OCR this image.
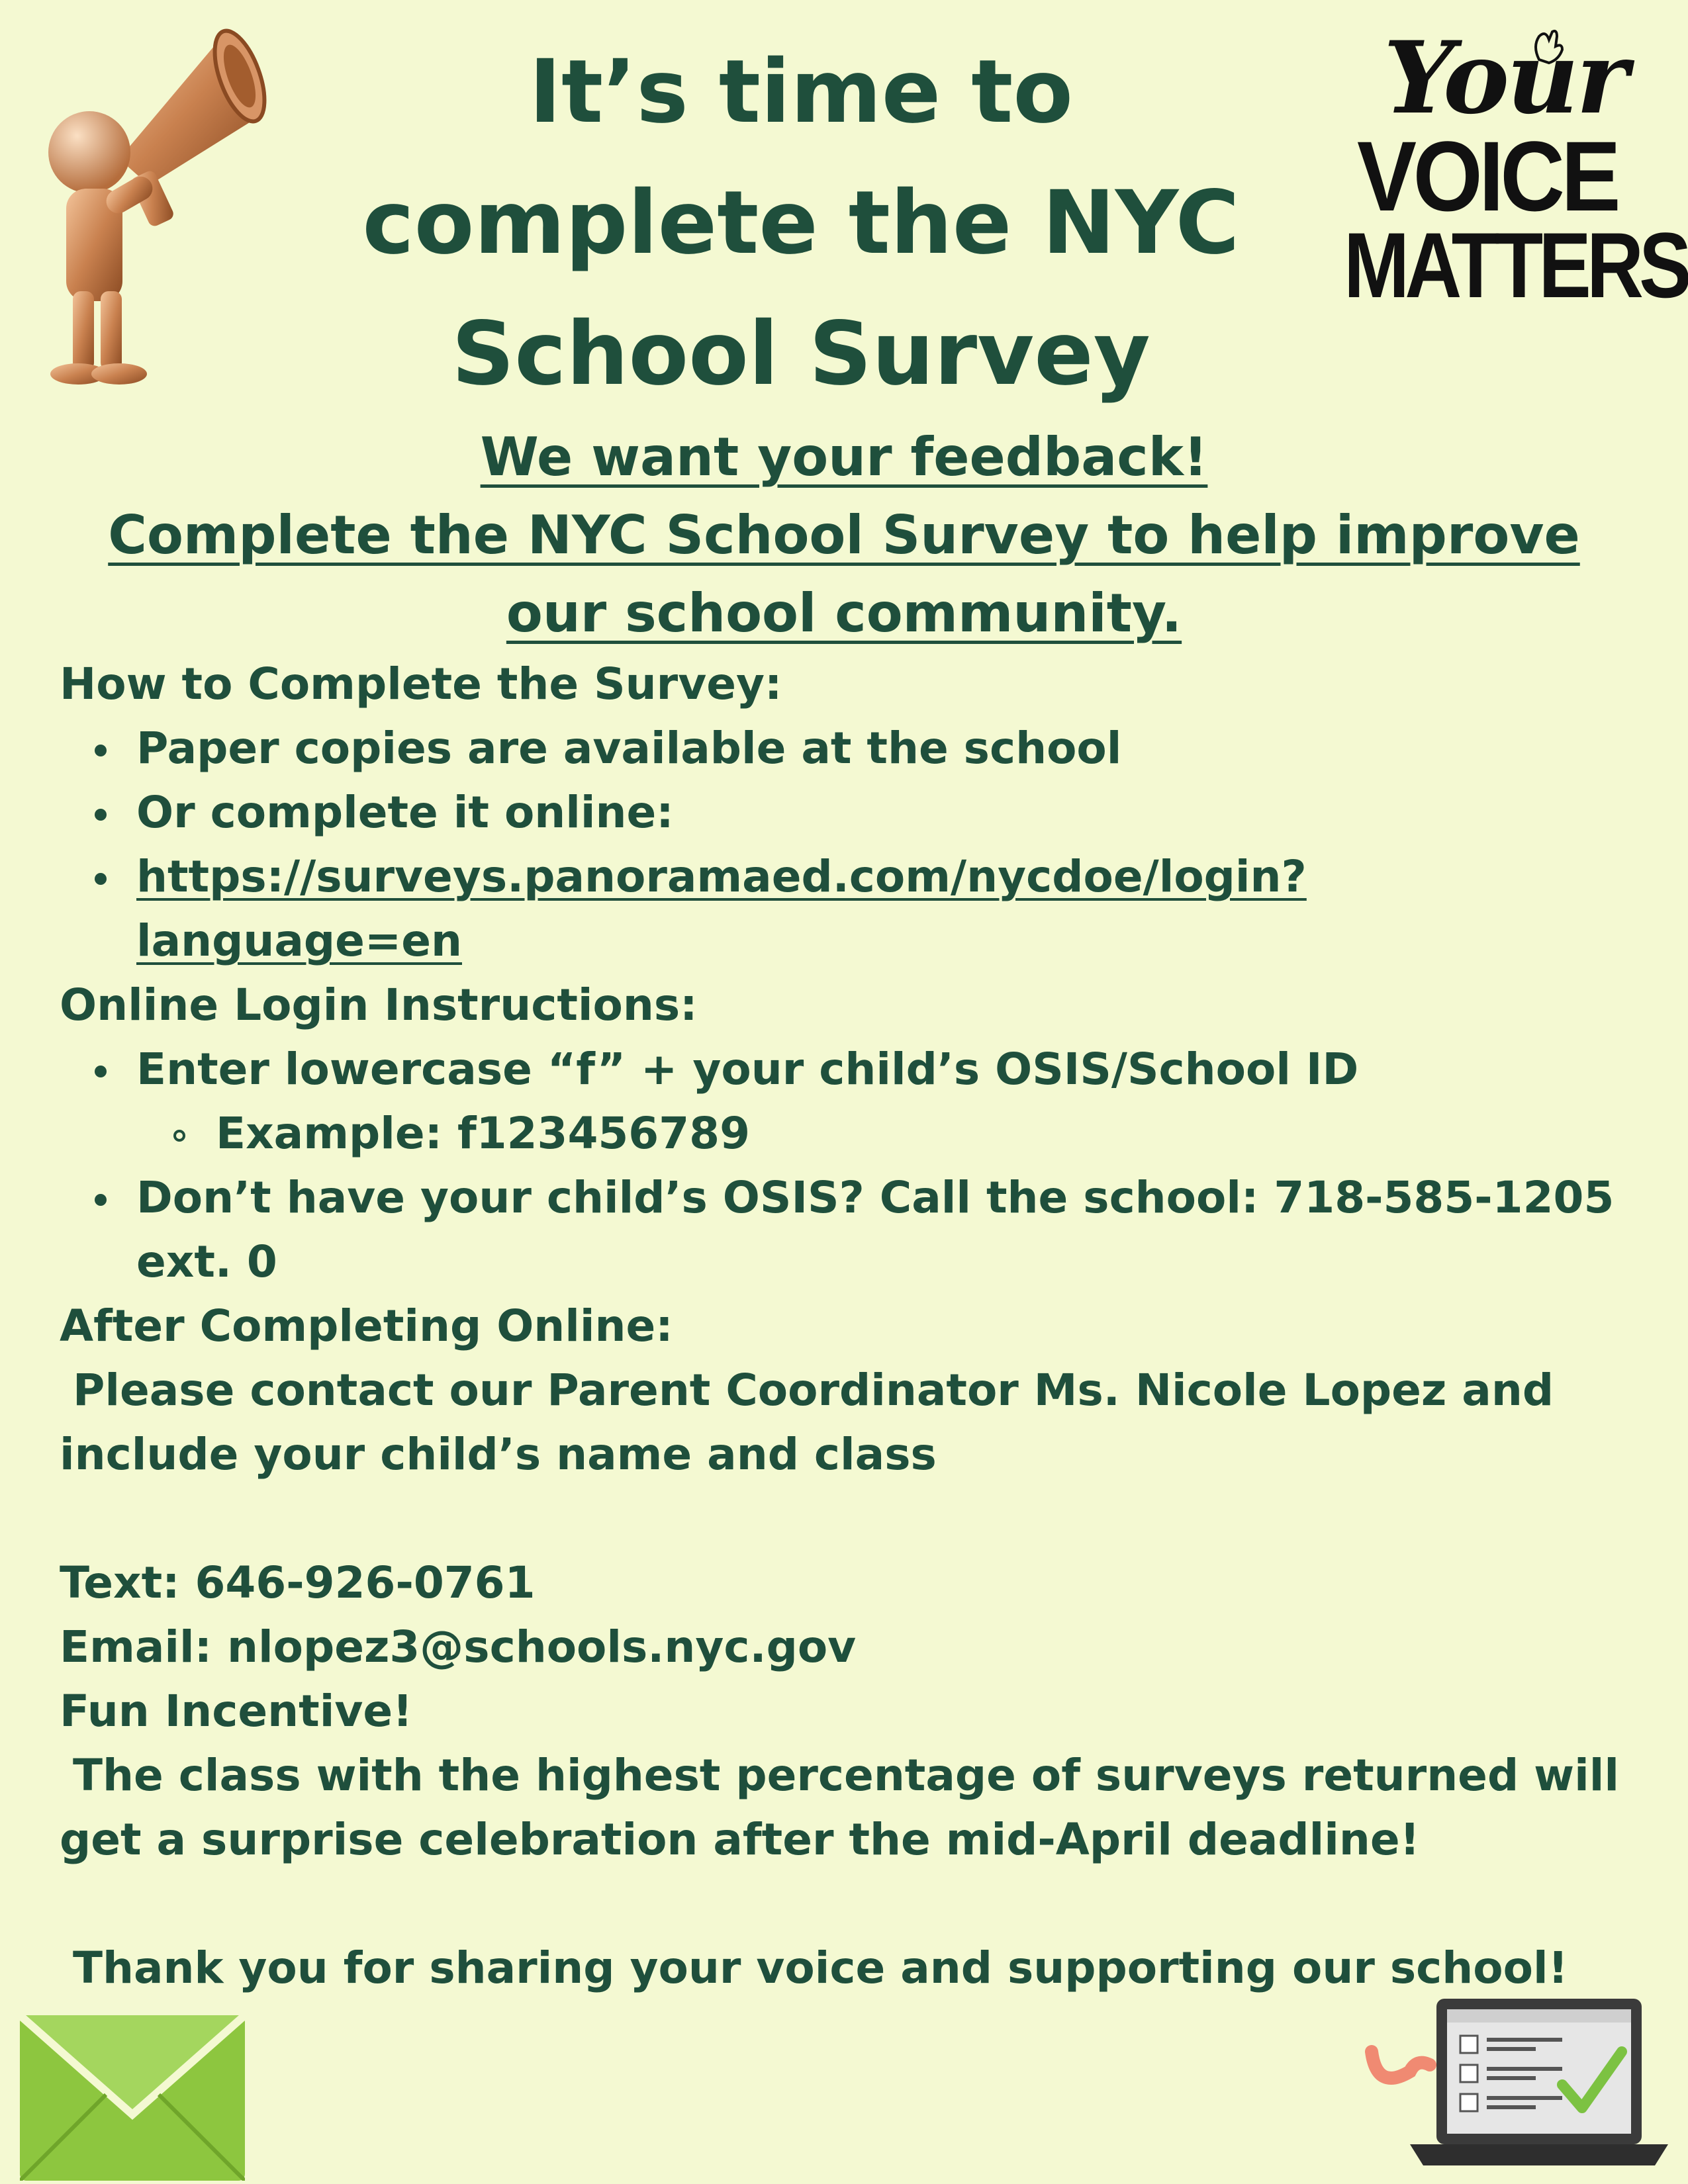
It’s time to
complete the NYC
School Survey
Your
VOICE
MATTERS
We want your feedback!
Complete the NYC School Survey to help improve
our school community.
How to Complete the Survey:
Paper copies are available at the school
Or complete it online:
https://surveys.panoramaed.com/nycdoe/login?
language=en
Online Login Instructions:
Enter lowercase “f” + your child’s OSIS/School ID
Example: f123456789
Don’t have your child’s OSIS? Call the school: 718-585-1205
ext. 0
After Completing Online:
Please contact our Parent Coordinator Ms. Nicole Lopez and
include your child’s name and class
Text: 646-926-0761
Email: nlopez3@schools.nyc.gov
Fun Incentive!
The class with the highest percentage of surveys returned will
get a surprise celebration after the mid-April deadline!
Thank you for sharing your voice and supporting our school!
